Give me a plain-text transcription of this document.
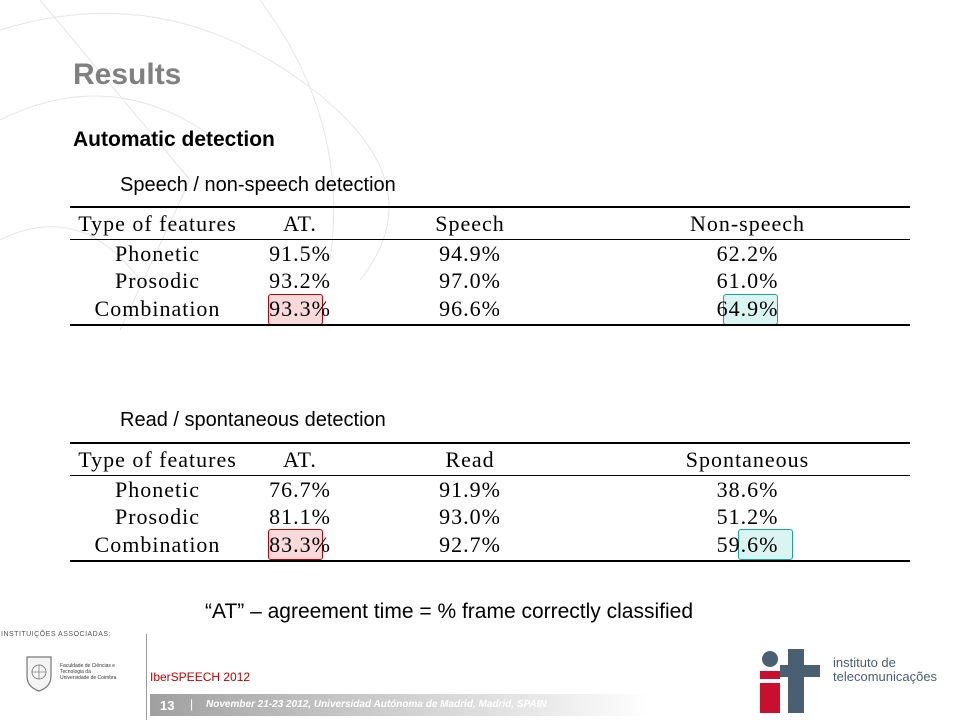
Results
Automatic detection
Speech / non-speech detection
Type of features	AT.	Speech	Non-speech
Phonetic	91.5%	94.9%	62.2%
Prosodic	93.2%	97.0%	61.0%
Combination	93.3%	96.6%	64.9%
Read / spontaneous detection
Type of features	AT.	Read	Spontaneous
Phonetic	76.7%	91.9%	38.6%
Prosodic	81.1%	93.0%	51.2%
Combination	83.3%	92.7%	59.6%
“AT” – agreement time = % frame correctly classified
INSTITUIÇÕES ASSOCIADAS:
Faculdade de Ciências e Tecnologia da Universidade de Coimbra	IberSPEECH 2012
13 | November 21-23 2012, Universidad Autónoma de Madrid, Madrid, SPAIN
it
instituto de
telecomunicações
